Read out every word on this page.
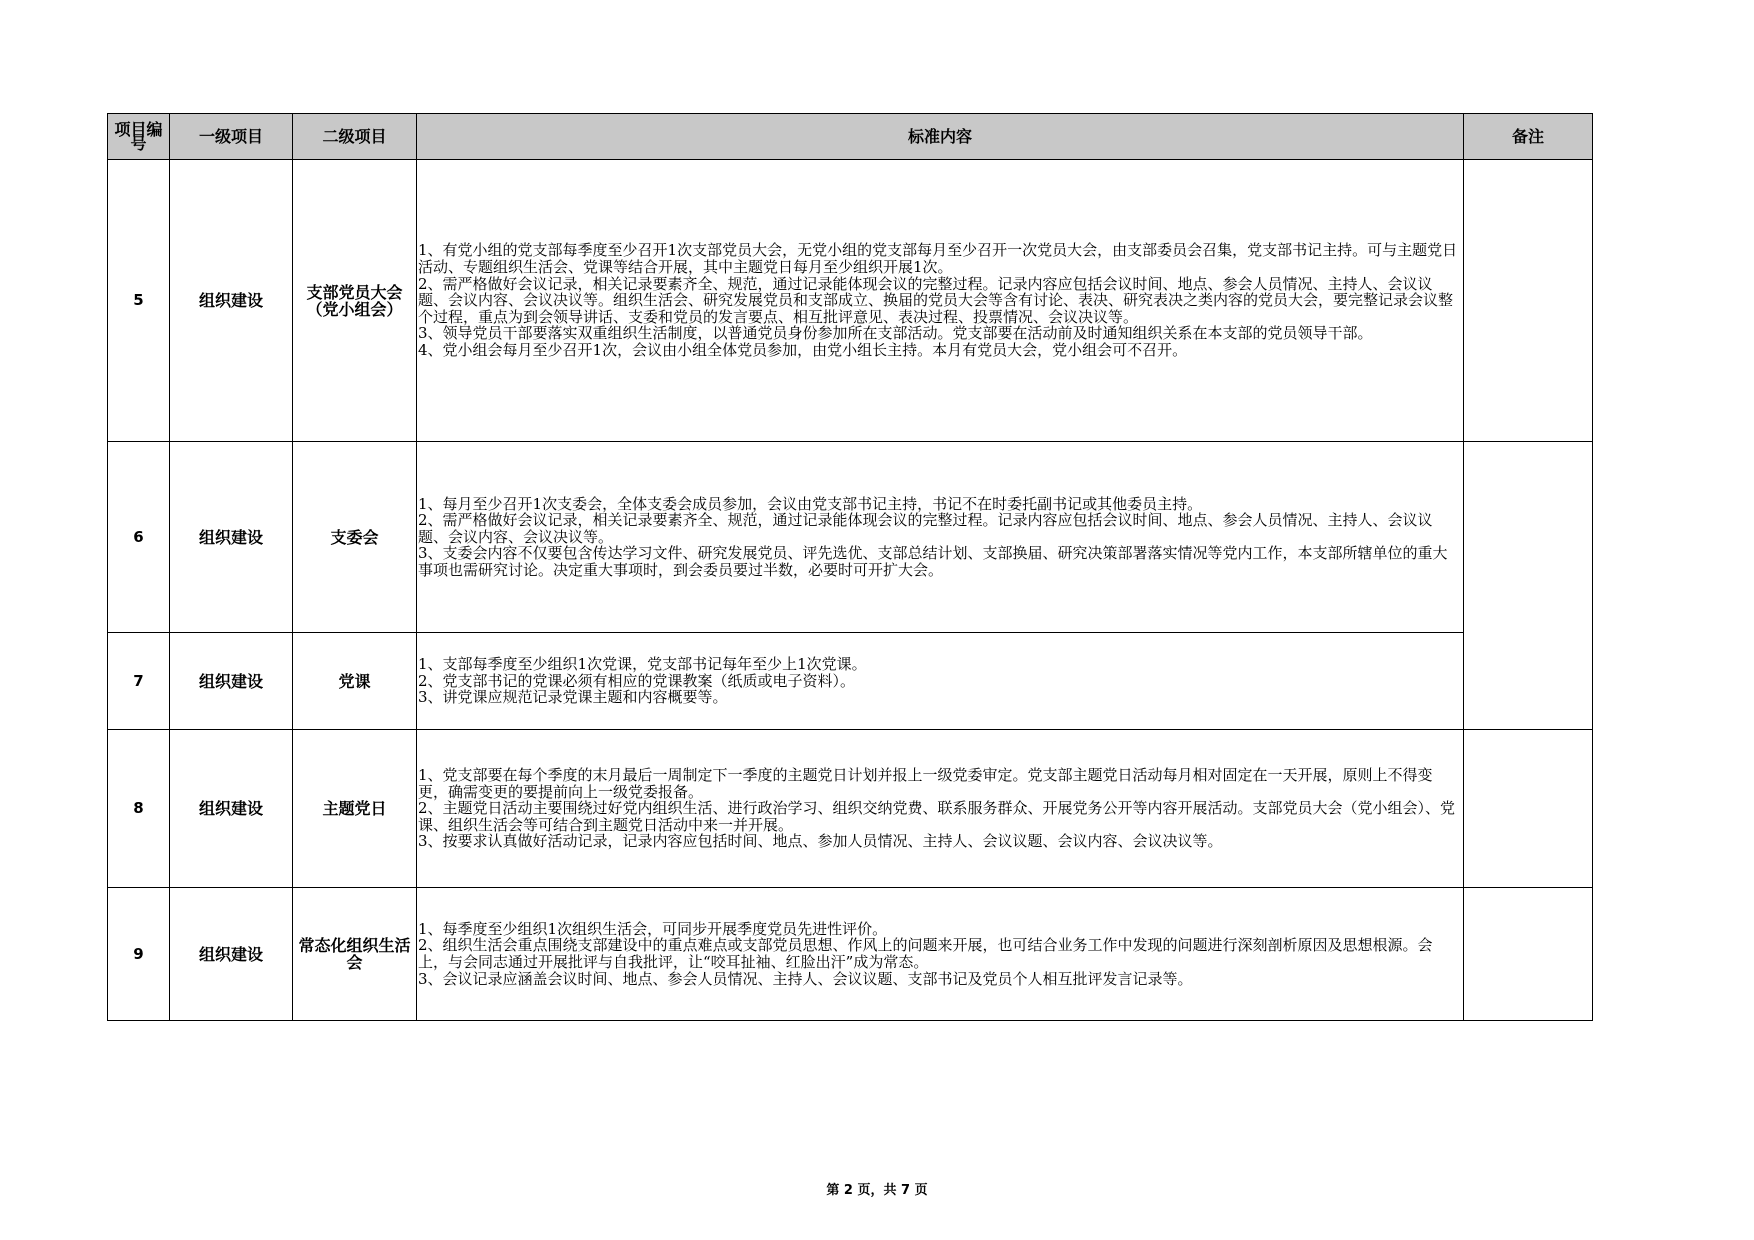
项目编号	一级项目	二级项目	标准内容	备注
5	组织建设	支部党员大会（党小组会）	1、有党小组的党支部每季度至少召开1次支部党员大会，无党小组的党支部每月至少召开一次党员大会，由支部委员会召集，党支部书记主持。可与主题党日活动、专题组织生活会、党课等结合开展，其中主题党日每月至少组织开展1次。
2、需严格做好会议记录，相关记录要素齐全、规范，通过记录能体现会议的完整过程。记录内容应包括会议时间、地点、参会人员情况、主持人、会议议题、会议内容、会议决议等。组织生活会、研究发展党员和支部成立、换届的党员大会等含有讨论、表决、研究表决之类内容的党员大会，要完整记录会议整个过程，重点为到会领导讲话、支委和党员的发言要点、相互批评意见、表决过程、投票情况、会议决议等。
3、领导党员干部要落实双重组织生活制度，以普通党员身份参加所在支部活动。党支部要在活动前及时通知组织关系在本支部的党员领导干部。
4、党小组会每月至少召开1次，会议由小组全体党员参加，由党小组长主持。本月有党员大会，党小组会可不召开。	

6	组织建设	支委会	1、每月至少召开1次支委会，全体支委会成员参加，会议由党支部书记主持，书记不在时委托副书记或其他委员主持。
2、需严格做好会议记录，相关记录要素齐全、规范，通过记录能体现会议的完整过程。记录内容应包括会议时间、地点、参会人员情况、主持人、会议议题、会议内容、会议决议等。
3、支委会内容不仅要包含传达学习文件、研究发展党员、评先选优、支部总结计划、支部换届、研究决策部署落实情况等党内工作，本支部所辖单位的重大事项也需研究讨论。决定重大事项时，到会委员要过半数，必要时可开扩大会。	

7	组织建设	党课	1、支部每季度至少组织1次党课，党支部书记每年至少上1次党课。
2、党支部书记的党课必须有相应的党课教案（纸质或电子资料）。
3、讲党课应规范记录党课主题和内容概要等。	

8	组织建设	主题党日	1、党支部要在每个季度的末月最后一周制定下一季度的主题党日计划并报上一级党委审定。党支部主题党日活动每月相对固定在一天开展，原则上不得变更，确需变更的要提前向上一级党委报备。
2、主题党日活动主要围绕过好党内组织生活、进行政治学习、组织交纳党费、联系服务群众、开展党务公开等内容开展活动。支部党员大会（党小组会）、党课、组织生活会等可结合到主题党日活动中来一并开展。
3、按要求认真做好活动记录，记录内容应包括时间、地点、参加人员情况、主持人、会议议题、会议内容、会议决议等。	

9	组织建设	常态化组织生活会	1、每季度至少组织1次组织生活会，可同步开展季度党员先进性评价。
2、组织生活会重点围绕支部建设中的重点难点或支部党员思想、作风上的问题来开展，也可结合业务工作中发现的问题进行深刻剖析原因及思想根源。会上，与会同志通过开展批评与自我批评，让“咬耳扯袖、红脸出汗”成为常态。
3、会议记录应涵盖会议时间、地点、参会人员情况、主持人、会议议题、支部书记及党员个人相互批评发言记录等。	

第 2 页，共 7 页
